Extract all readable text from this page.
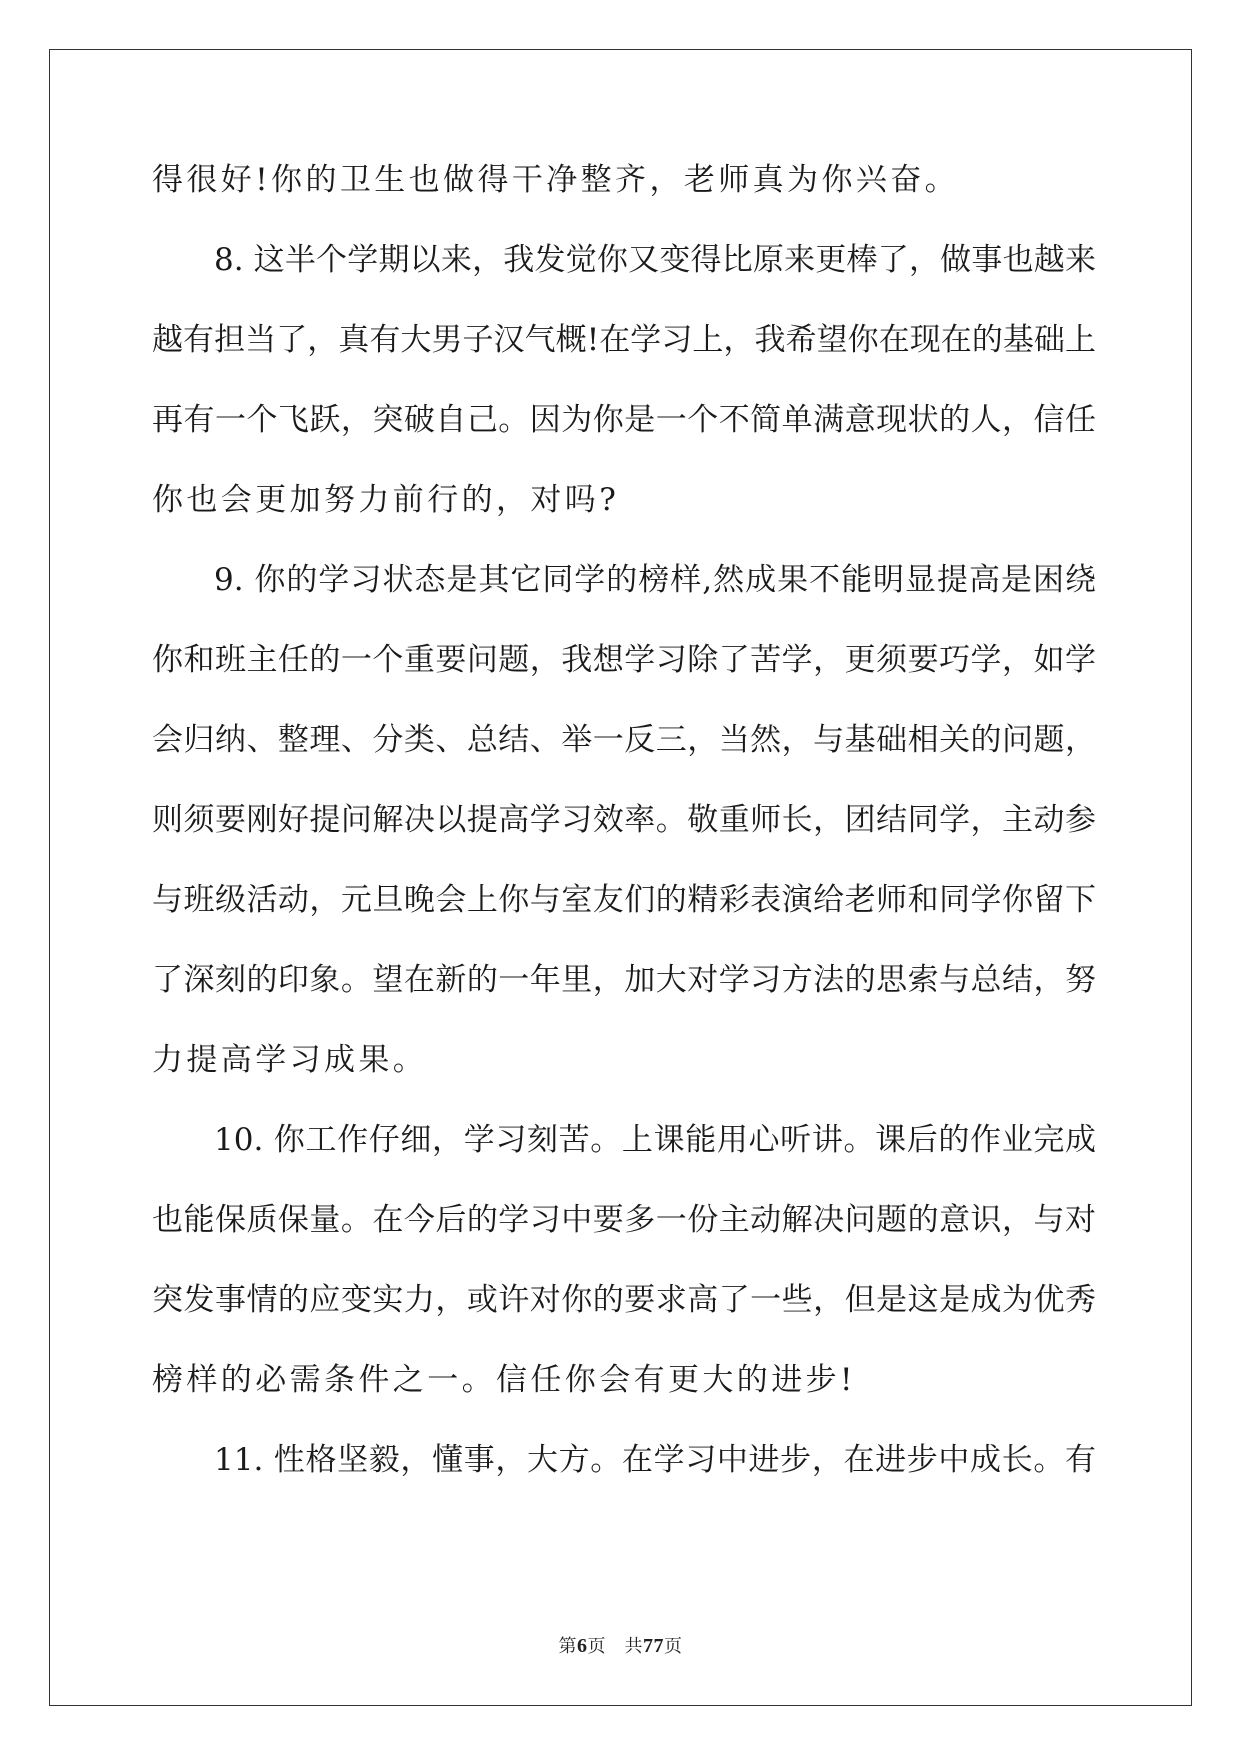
得很好!你的卫生也做得干净整齐，老师真为你兴奋。
8. 这半个学期以来，我发觉你又变得比原来更棒了，做事也越来
越有担当了，真有大男子汉气概!在学习上，我希望你在现在的基础上
再有一个飞跃，突破自己。因为你是一个不简单满意现状的人，信任
你也会更加努力前行的，对吗?
9. 你的学习状态是其它同学的榜样,然成果不能明显提高是困绕
你和班主任的一个重要问题，我想学习除了苦学，更须要巧学，如学
会归纳、整理、分类、总结、举一反三，当然，与基础相关的问题，
则须要刚好提问解决以提高学习效率。敬重师长，团结同学，主动参
与班级活动，元旦晚会上你与室友们的精彩表演给老师和同学你留下
了深刻的印象。望在新的一年里，加大对学习方法的思索与总结，努
力提高学习成果。
10. 你工作仔细，学习刻苦。上课能用心听讲。课后的作业完成
也能保质保量。在今后的学习中要多一份主动解决问题的意识，与对
突发事情的应变实力，或许对你的要求高了一些，但是这是成为优秀
榜样的必需条件之一。信任你会有更大的进步!
11. 性格坚毅，懂事，大方。在学习中进步，在进步中成长。有
第6页　共77页
